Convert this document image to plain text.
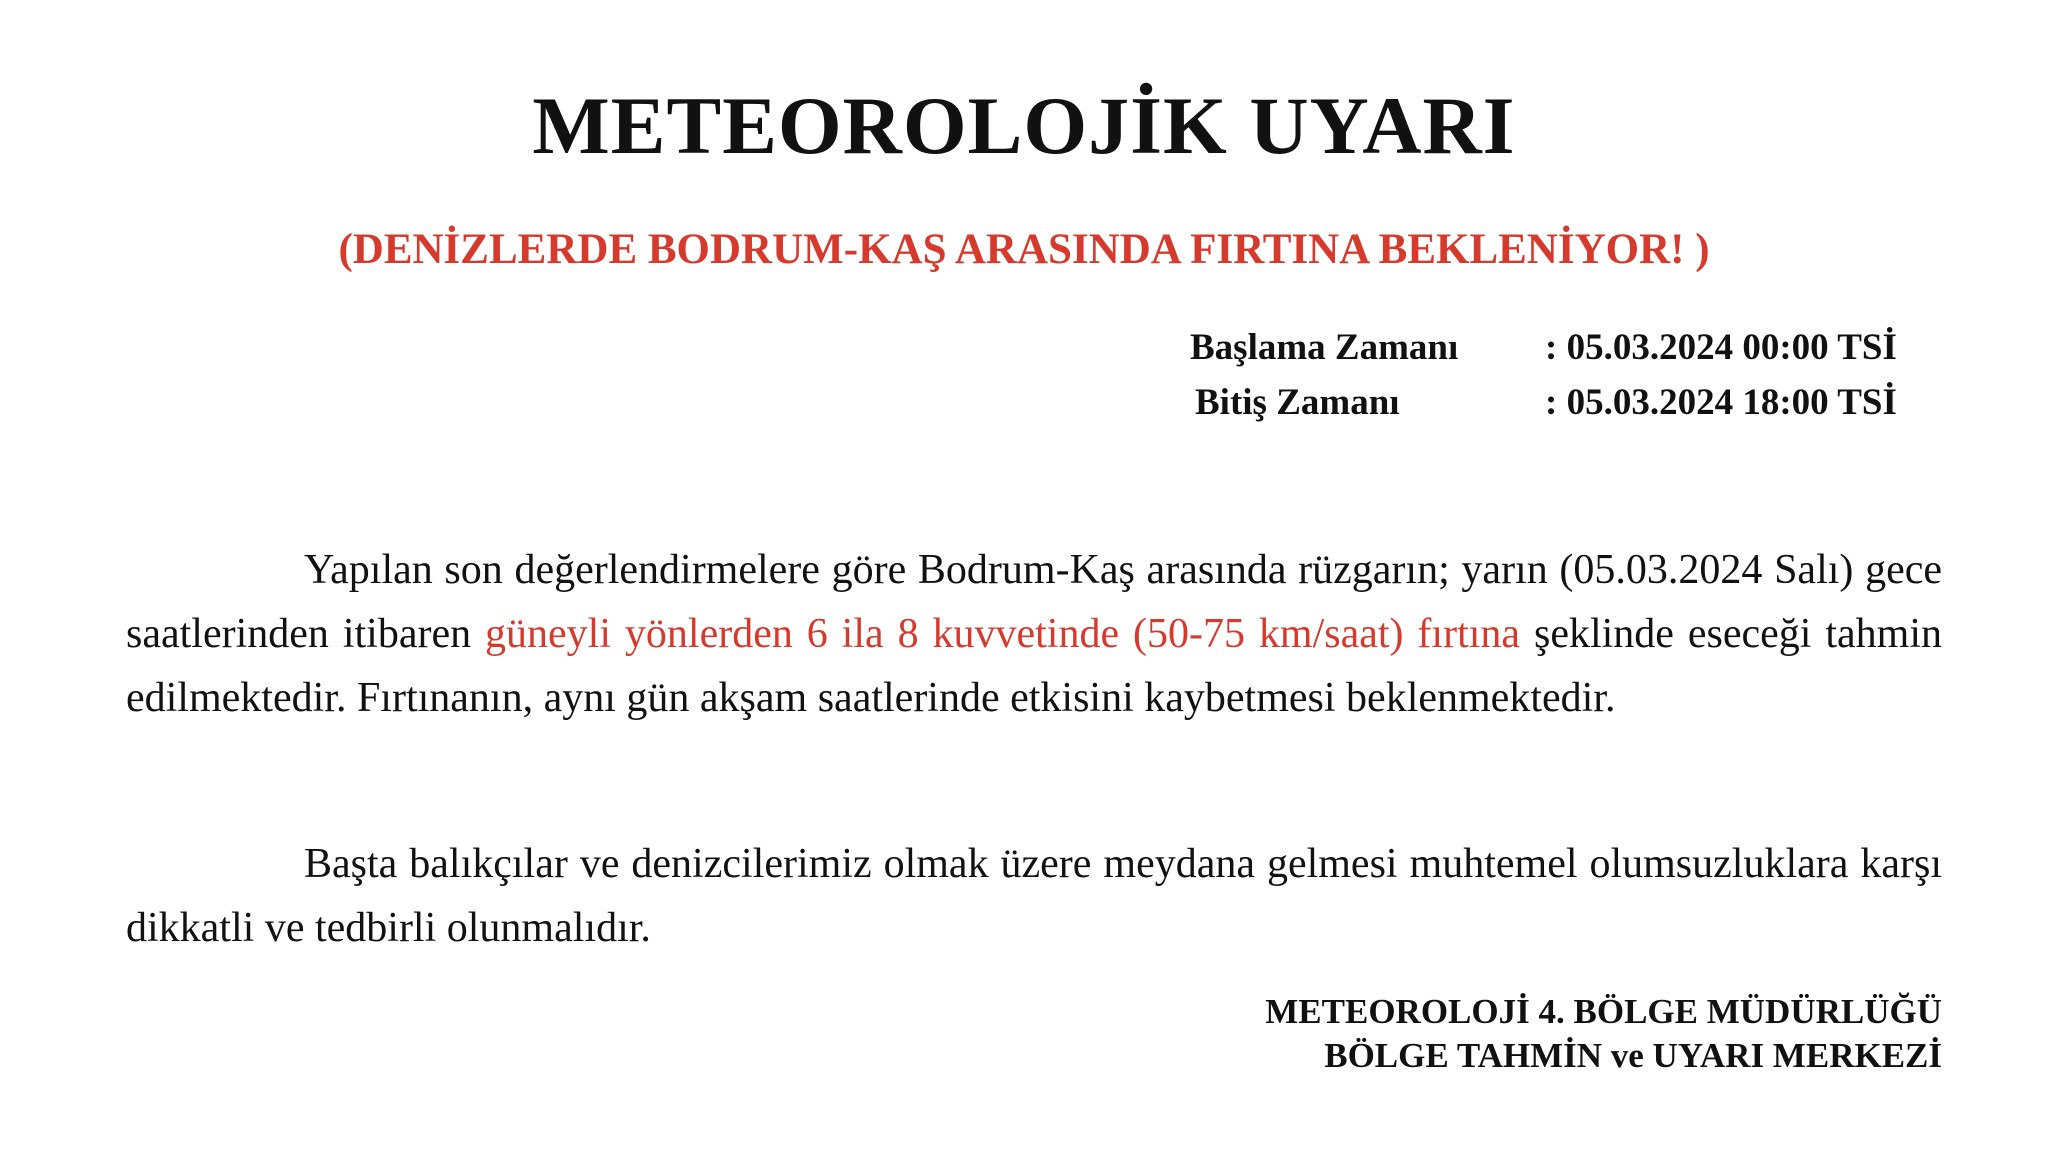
METEOROLOJİK UYARI
(DENİZLERDE BODRUM-KAŞ ARASINDA FIRTINA BEKLENİYOR! )
Başlama Zamanı	: 05.03.2024 00:00 TSİ
Bitiş Zamanı	: 05.03.2024 18:00 TSİ

Yapılan son değerlendirmelere göre Bodrum-Kaş arasında rüzgarın; yarın (05.03.2024 Salı) gece saatlerinden itibaren güneyli yönlerden 6 ila 8 kuvvetinde (50-75 km/saat) fırtına şeklinde eseceği tahmin edilmektedir. Fırtınanın, aynı gün akşam saatlerinde etkisini kaybetmesi beklenmektedir.

Başta balıkçılar ve denizcilerimiz olmak üzere meydana gelmesi muhtemel olumsuzluklara karşı dikkatli ve tedbirli olunmalıdır.

METEOROLOJİ 4. BÖLGE MÜDÜRLÜĞÜ
BÖLGE TAHMİN ve UYARI MERKEZİ
